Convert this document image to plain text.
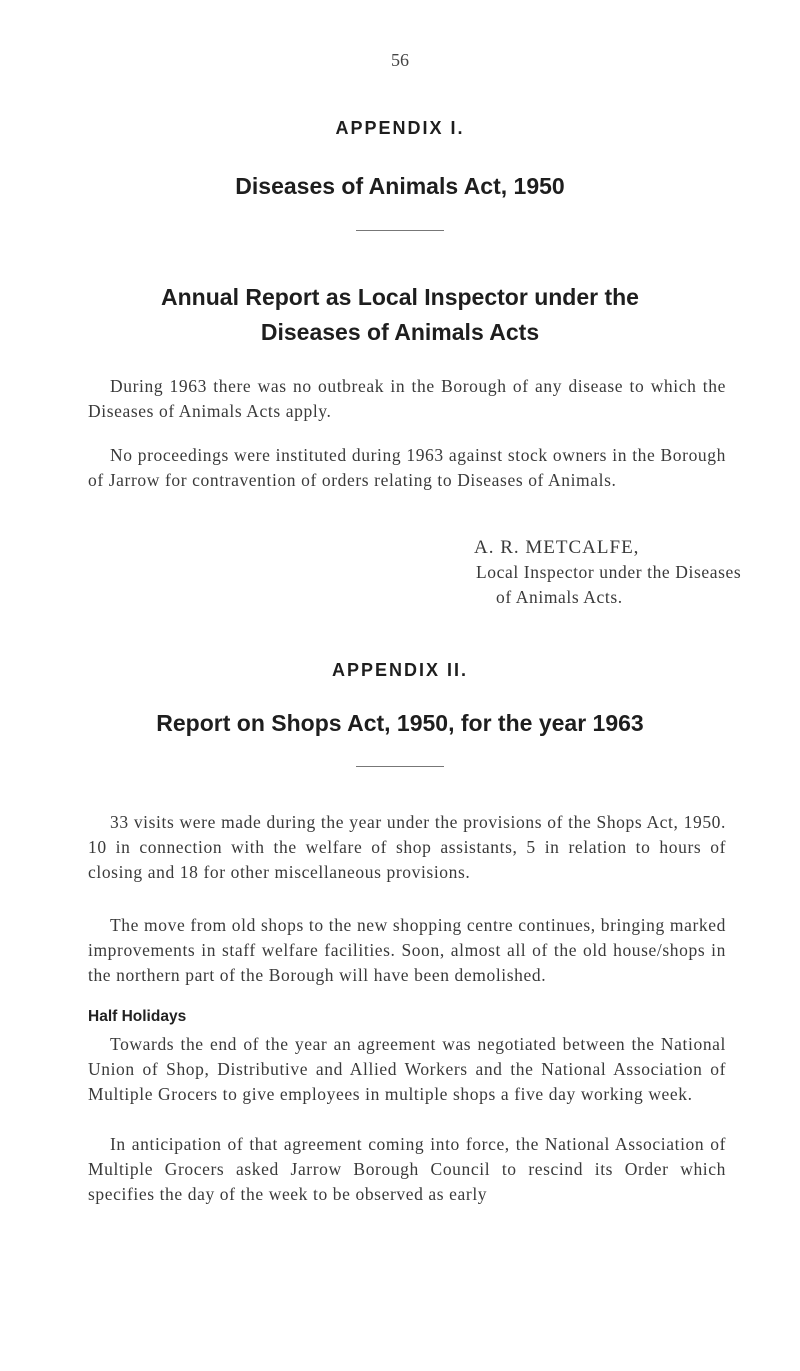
56
APPENDIX I.
Diseases of Animals Act, 1950
Annual Report as Local Inspector under the
Diseases of Animals Acts

During 1963 there was no outbreak in the Borough of any disease to which the Diseases of Animals Acts apply.

No proceedings were instituted during 1963 against stock owners in the Borough of Jarrow for contravention of orders relating to Diseases of Animals.

A. R. METCALFE,
Local Inspector under the Diseases
of Animals Acts.
APPENDIX II.
Report on Shops Act, 1950, for the year 1963

33 visits were made during the year under the provisions of the Shops Act, 1950. 10 in connection with the welfare of shop assistants, 5 in relation to hours of closing and 18 for other miscellaneous provisions.

The move from old shops to the new shopping centre continues, bringing marked improvements in staff welfare facilities. Soon, almost all of the old house/shops in the northern part of the Borough will have been demolished.

Half Holidays

Towards the end of the year an agreement was negotiated between the National Union of Shop, Distributive and Allied Workers and the National Association of Multiple Grocers to give employees in multiple shops a five day working week.

In anticipation of that agreement coming into force, the National Association of Multiple Grocers asked Jarrow Borough Council to rescind its Order which specifies the day of the week to be observed as early
